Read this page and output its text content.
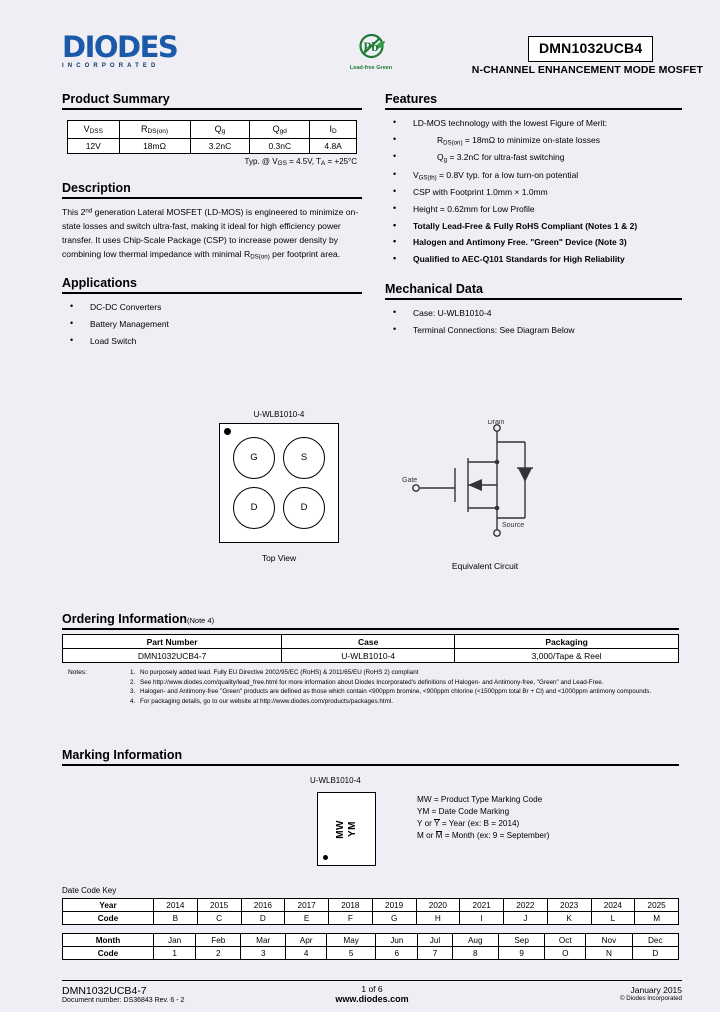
DIODES
INCORPORATED
Pb
Lead-free Green
DMN1032UCB4
N-CHANNEL ENHANCEMENT MODE MOSFET
Product Summary
VDSS	RDS(on)	Qg	Qgd	ID
12V	18mΩ	3.2nC	0.3nC	4.8A
Typ. @ VGS = 4.5V, TA = +25°C
Description

This 2nd generation Lateral MOSFET (LD-MOS) is engineered to minimize on-state losses and switch ultra-fast, making it ideal for high efficiency power transfer. It uses Chip-Scale Package (CSP) to increase power density by combining low thermal impedance with minimal RDS(on) per footprint area.

Applications
• DC-DC Converters
• Battery Management
• Load Switch
Features
• LD-MOS technology with the lowest Figure of Merit:
• RDS(on) = 18mΩ to minimize on-state losses
• Qg = 3.2nC for ultra-fast switching
• VGS(th) = 0.8V typ. for a low turn-on potential
• CSP with Footprint 1.0mm × 1.0mm
• Height = 0.62mm for Low Profile
• Totally Lead-Free & Fully RoHS Compliant (Notes 1 & 2)
• Halogen and Antimony Free. "Green" Device (Note 3)
• Qualified to AEC-Q101 Standards for High Reliability
Mechanical Data
• Case: U-WLB1010-4
• Terminal Connections: See Diagram Below
U-WLB1010-4
G	S
D	D
Top View
Drain
Gate
Source
Equivalent Circuit
Ordering Information(Note 4)
Part Number	Case	Packaging
DMN1032UCB4-7	U-WLB1010-4	3,000/Tape & Reel
Notes:	1. No purposely added lead. Fully EU Directive 2002/95/EC (RoHS) & 2011/65/EU (RoHS 2) compliant
2. See http://www.diodes.com/quality/lead_free.html for more information about Diodes Incorporated's definitions of Halogen- and Antimony-free, "Green" and Lead-Free.
3. Halogen- and Antimony-free "Green" products are defined as those which contain <900ppm bromine, <900ppm chlorine (<1500ppm total Br + Cl) and <1000ppm antimony compounds.
4. For packaging details, go to our website at http://www.diodes.com/products/packages.html.
Marking Information
U-WLB1010-4
MW YM
MW = Product Type Marking Code
YM = Date Code Marking
Y or Y = Year (ex: B = 2014)
M or M = Month (ex: 9 = September)
Date Code Key
Year	2014	2015	2016	2017	2018	2019	2020	2021	2022	2023	2024	2025
Code	B	C	D	E	F	G	H	I	J	K	L	M
Month	Jan	Feb	Mar	Apr	May	Jun	Jul	Aug	Sep	Oct	Nov	Dec
Code	1	2	3	4	5	6	7	8	9	O	N	D
DMN1032UCB4-7
Document number: DS36843 Rev. 6 - 2
1 of 6
www.diodes.com
January 2015
© Diodes Incorporated
